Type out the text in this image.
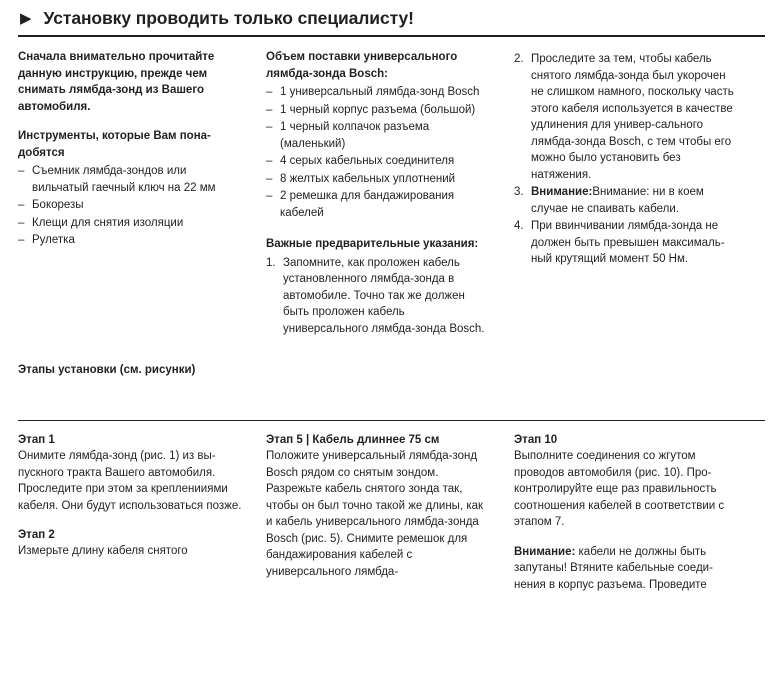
▶ Установку проводить только специалисту!

Сначала внимательно прочитайте данную инструкцию, прежде чем снимать лямбда-зонд из Вашего автомобиля.

Инструменты, которые Вам пона-добятся

– Съемник лямбда-зондов или вильчатый гаечный ключ на 22 мм
– Бокорезы
– Клещи для снятия изоляции
– Рулетка

Объем поставки универсального лямбда-зонда Bosch:

– 1 универсальный лямбда-зонд Bosch
– 1 черный корпус разъема (большой)
– 1 черный колпачок разъема (маленький)
– 4 серых кабельных соединителя
– 8 желтых кабельных уплотнений
– 2 ремешка для бандажирования кабелей

Важные предварительные указания:

Запомните, как проложен кабель установленного лямбда-зонда в автомобиле. Точно так же должен быть проложен кабель универсального лямбда-зонда Bosch.
Проследите за тем, чтобы кабель снятого лямбда-зонда был укорочен не слишком намного, поскольку часть этого кабеля используется в качестве удлинения для универ-сального лямбда-зонда Bosch, с тем чтобы его можно было установить без натяжения.
Внимание:Внимание: ни в коем случае не спаивать кабели.
При ввинчивании лямбда-зонда не должен быть превышен максималь-ный крутящий момент 50 Нм.

Этапы установки (см. рисунки)

Этап 1

Онимите лямбда-зонд (рис. 1) из вы-пускного тракта Вашего автомобиля. Проследите при этом за крепленииями кабеля. Они будут использоваться позже.

Этап 2

Измерьте длину кабеля снятого

Этап 5 | Кабель длиннее 75 см

Положите универсальный лямбда-зонд Bosch рядом со снятым зондом. Разрежьте кабель снятого зонда так, чтобы он был точно такой же длины, как и кабель универсального лямбда-зонда Bosch (рис. 5). Снимите ремешок для бандажирования кабелей с универсального лямбда-

Этап 10

Выполните соединения со жгутом проводов автомобиля (рис. 10). Про-контролируйте еще раз правильность соотношения кабелей в соответствии с этапом 7.

Внимание: кабели не должны быть запутаны! Втяните кабельные соеди-нения в корпус разъема. Проведите
